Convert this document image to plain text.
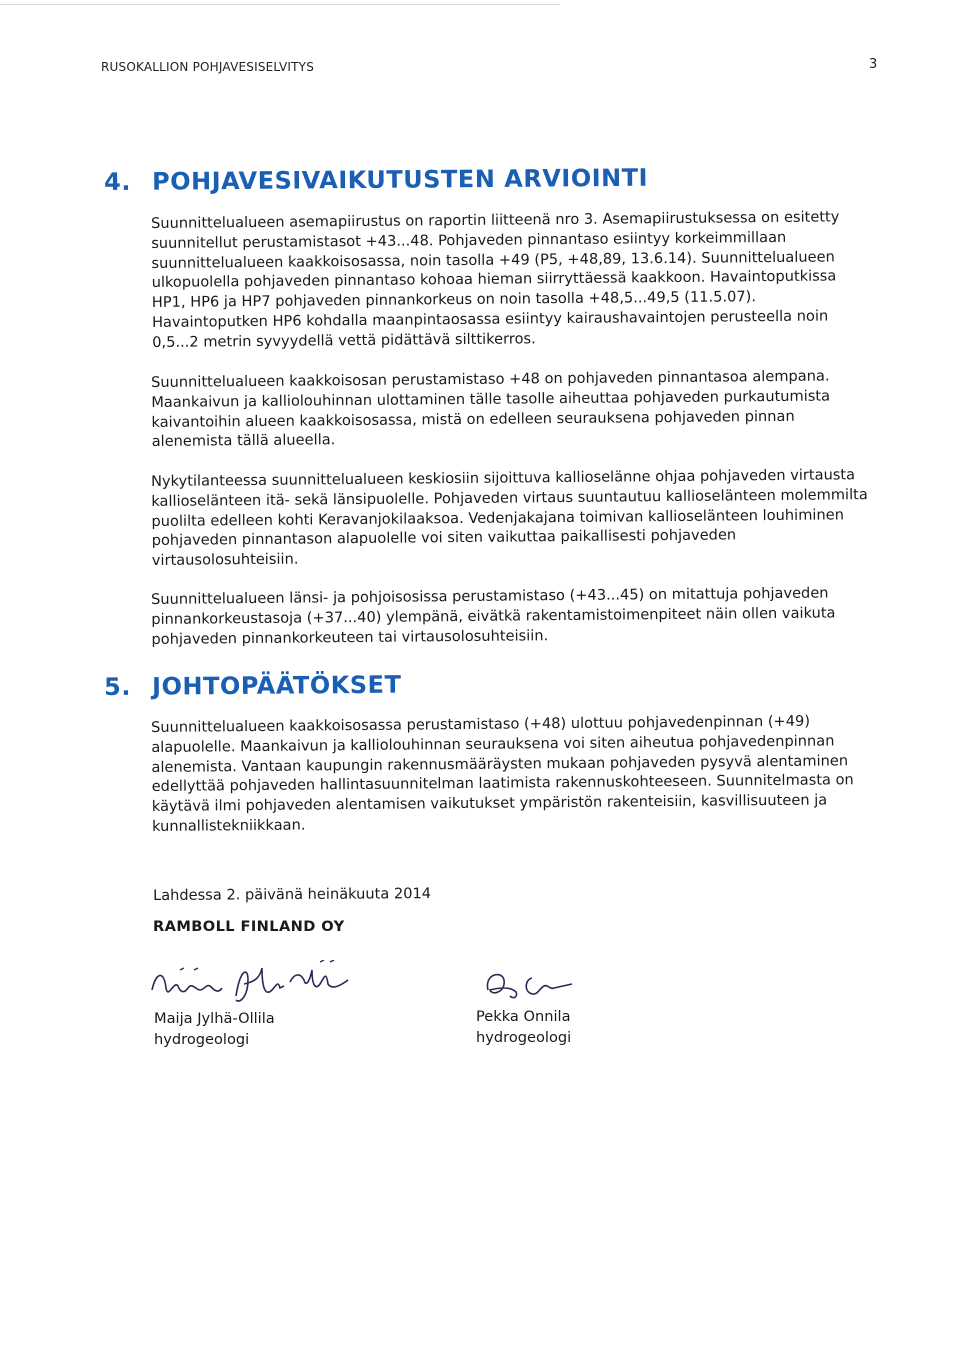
RUSOKALLION POHJAVESISELVITYS	3
4. POHJAVESIVAIKUTUSTEN ARVIOINTI
Suunnittelualueen asemapiirustus on raportin liitteenä nro 3. Asemapiirustuksessa on esitetty
suunnitellut perustamistasot +43...48. Pohjaveden pinnantaso esiintyy korkeimmillaan
suunnittelualueen kaakkoisosassa, noin tasolla +49 (P5, +48,89, 13.6.14). Suunnittelualueen
ulkopuolella pohjaveden pinnantaso kohoaa hieman siirryttäessä kaakkoon. Havaintoputkissa
HP1, HP6 ja HP7 pohjaveden pinnankorkeus on noin tasolla +48,5...49,5 (11.5.07).
Havaintoputken HP6 kohdalla maanpintaosassa esiintyy kairaushavaintojen perusteella noin
0,5...2 metrin syvyydellä vettä pidättävä silttikerros.
Suunnittelualueen kaakkoisosan perustamistaso +48 on pohjaveden pinnantasoa alempana.
Maankaivun ja kalliolouhinnan ulottaminen tälle tasolle aiheuttaa pohjaveden purkautumista
kaivantoihin alueen kaakkoisosassa, mistä on edelleen seurauksena pohjaveden pinnan
alenemista tällä alueella.
Nykytilanteessa suunnittelualueen keskiosiin sijoittuva kallioselänne ohjaa pohjaveden virtausta
kallioselänteen itä- sekä länsipuolelle. Pohjaveden virtaus suuntautuu kallioselänteen molemmilta
puolilta edelleen kohti Keravanjokilaaksoa. Vedenjakajana toimivan kallioselänteen louhiminen
pohjaveden pinnantason alapuolelle voi siten vaikuttaa paikallisesti pohjaveden
virtausolosuhteisiin.
Suunnittelualueen länsi- ja pohjoisosissa perustamistaso (+43...45) on mitattuja pohjaveden
pinnankorkeustasoja (+37...40) ylempänä, eivätkä rakentamistoimenpiteet näin ollen vaikuta
pohjaveden pinnankorkeuteen tai virtausolosuhteisiin.
5. JOHTOPÄÄTÖKSET
Suunnittelualueen kaakkoisosassa perustamistaso (+48) ulottuu pohjavedenpinnan (+49)
alapuolelle. Maankaivun ja kalliolouhinnan seurauksena voi siten aiheutua pohjavedenpinnan
alenemista. Vantaan kaupungin rakennusmääräysten mukaan pohjaveden pysyvä alentaminen
edellyttää pohjaveden hallintasuunnitelman laatimista rakennuskohteeseen. Suunnitelmasta on
käytävä ilmi pohjaveden alentamisen vaikutukset ympäristön rakenteisiin, kasvillisuuteen ja
kunnallistekniikkaan.
Lahdessa 2. päivänä heinäkuuta 2014
RAMBOLL FINLAND OY
Maija Jylhä-Ollila
hydrogeologi
Pekka Onnila
hydrogeologi
